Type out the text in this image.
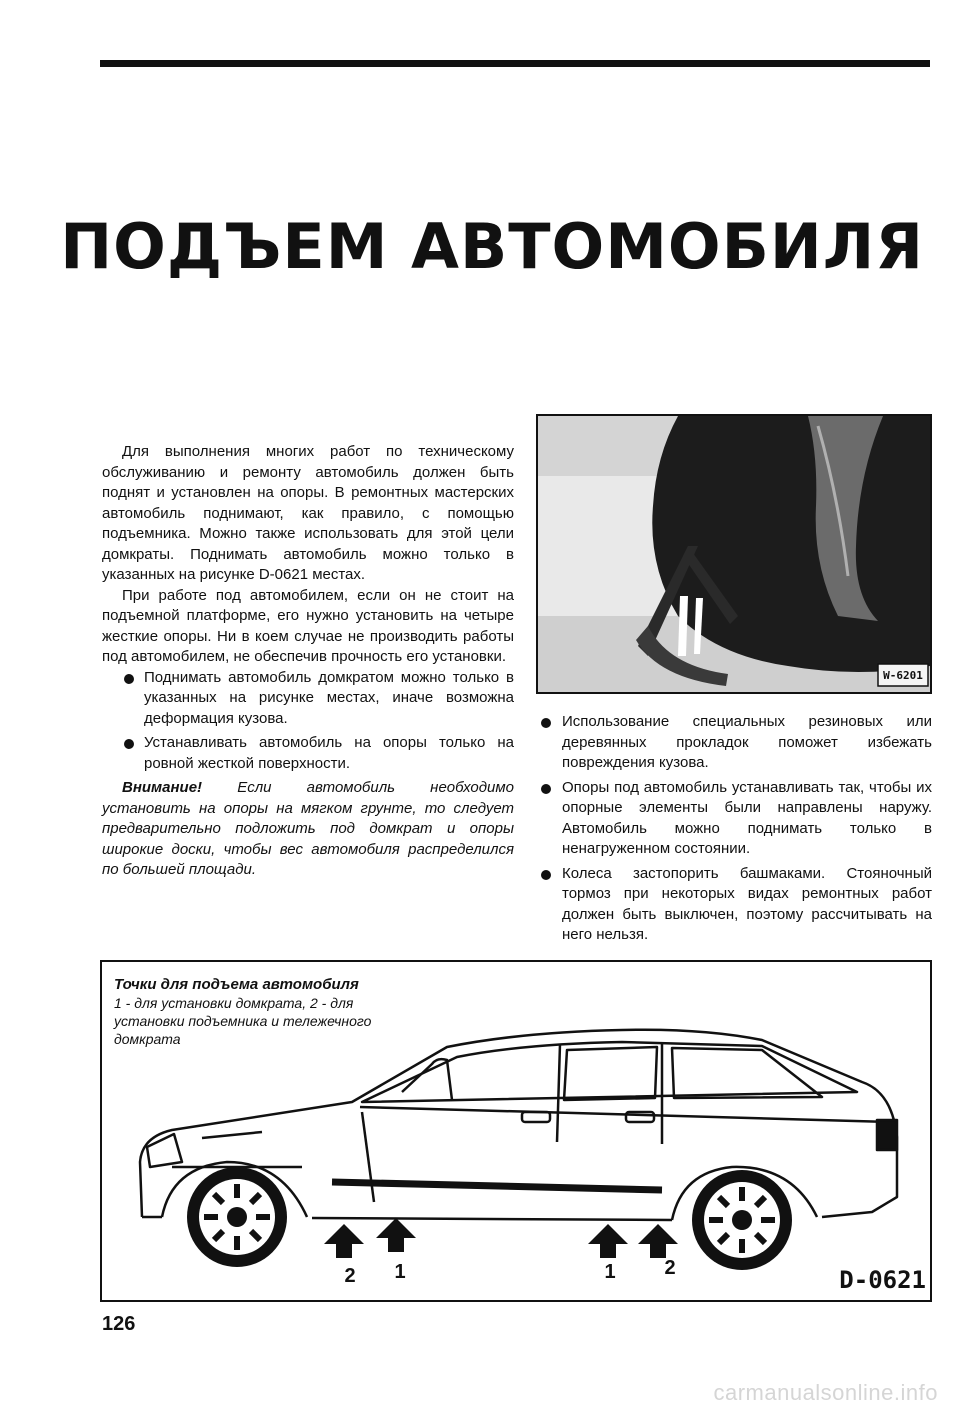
ПОДЪЕМ АВТОМОБИЛЯ

Для выполнения многих работ по техническому обслуживанию и ремонту автомобиль должен быть поднят и установлен на опоры. В ремонтных мастерских автомобиль поднимают, как правило, с помощью подъемника. Можно также использовать для этой цели домкраты. Поднимать автомобиль можно только в указанных на рисунке D-0621 местах.

При работе под автомобилем, если он не стоит на подъемной платформе, его нужно установить на четыре жесткие опоры. Ни в коем случае не производить работы под автомобилем, не обеспечив прочность его установки.

Поднимать автомобиль домкратом можно только в указанных на рисунке местах, иначе возможна деформация кузова.
Устанавливать автомобиль на опоры только на ровной жесткой поверхности.

Внимание! Если автомобиль необходимо установить на опоры на мягком грунте, то следует предварительно подложить под домкрат и опоры широкие доски, чтобы вес автомобиля распределился по большей площади.

W-6201
Использование специальных резиновых или деревянных прокладок поможет избежать повреждения кузова.
Опоры под автомобиль устанавливать так, чтобы их опорные элементы были направлены наружу. Автомобиль можно поднимать только в ненагруженном состоянии.
Колеса застопорить башмаками. Стояночный тормоз при некоторых видах ремонтных работ должен быть выключен, поэтому рассчитывать на него нельзя.
Точки для подъема автомобиля
1 - для установки домкрата, 2 - для установки подъемника и тележечного домкрата
2 1	1 2	D-0621
126
carmanualsonline.info
